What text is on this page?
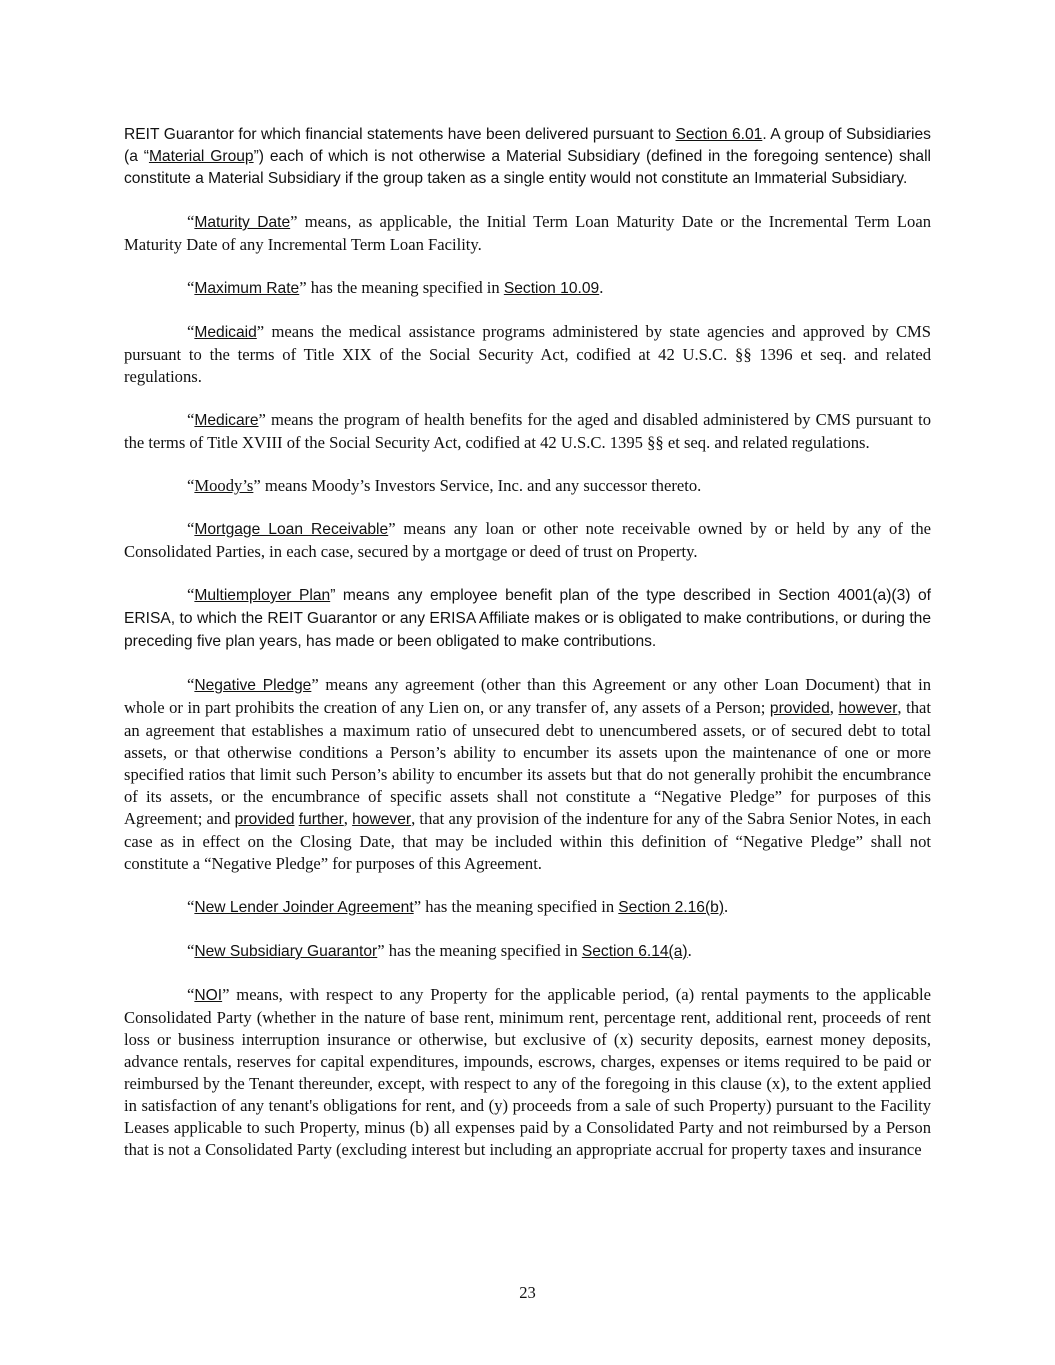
REIT Guarantor for which financial statements have been delivered pursuant to Section 6.01. A group of Subsidiaries (a “Material Group”) each of which is not otherwise a Material Subsidiary (defined in the foregoing sentence) shall constitute a Material Subsidiary if the group taken as a single entity would not constitute an Immaterial Subsidiary.

“Maturity Date” means, as applicable, the Initial Term Loan Maturity Date or the Incremental Term Loan Maturity Date of any Incremental Term Loan Facility.

“Maximum Rate” has the meaning specified in Section 10.09.

“Medicaid” means the medical assistance programs administered by state agencies and approved by CMS pursuant to the terms of Title XIX of the Social Security Act, codified at 42 U.S.C. §§ 1396 et seq. and related regulations.

“Medicare” means the program of health benefits for the aged and disabled administered by CMS pursuant to the terms of Title XVIII of the Social Security Act, codified at 42 U.S.C. 1395 §§ et seq. and related regulations.

“Moody’s” means Moody’s Investors Service, Inc. and any successor thereto.

“Mortgage Loan Receivable” means any loan or other note receivable owned by or held by any of the Consolidated Parties, in each case, secured by a mortgage or deed of trust on Property.

“Multiemployer Plan” means any employee benefit plan of the type described in Section 4001(a)(3) of ERISA, to which the REIT Guarantor or any ERISA Affiliate makes or is obligated to make contributions, or during the preceding five plan years, has made or been obligated to make contributions.

“Negative Pledge” means any agreement (other than this Agreement or any other Loan Document) that in whole or in part prohibits the creation of any Lien on, or any transfer of, any assets of a Person; provided, however, that an agreement that establishes a maximum ratio of unsecured debt to unencumbered assets, or of secured debt to total assets, or that otherwise conditions a Person’s ability to encumber its assets upon the maintenance of one or more specified ratios that limit such Person’s ability to encumber its assets but that do not generally prohibit the encumbrance of its assets, or the encumbrance of specific assets shall not constitute a “Negative Pledge” for purposes of this Agreement; and provided further, however, that any provision of the indenture for any of the Sabra Senior Notes, in each case as in effect on the Closing Date, that may be included within this definition of “Negative Pledge” shall not constitute a “Negative Pledge” for purposes of this Agreement.

“New Lender Joinder Agreement” has the meaning specified in Section 2.16(b).

“New Subsidiary Guarantor” has the meaning specified in Section 6.14(a).

“NOI” means, with respect to any Property for the applicable period, (a) rental payments to the applicable Consolidated Party (whether in the nature of base rent, minimum rent, percentage rent, additional rent, proceeds of rent loss or business interruption insurance or otherwise, but exclusive of (x) security deposits, earnest money deposits, advance rentals, reserves for capital expenditures, impounds, escrows, charges, expenses or items required to be paid or reimbursed by the Tenant thereunder, except, with respect to any of the foregoing in this clause (x), to the extent applied in satisfaction of any tenant's obligations for rent, and (y) proceeds from a sale of such Property) pursuant to the Facility Leases applicable to such Property, minus (b) all expenses paid by a Consolidated Party and not reimbursed by a Person that is not a Consolidated Party (excluding interest but including an appropriate accrual for property taxes and insurance

23
